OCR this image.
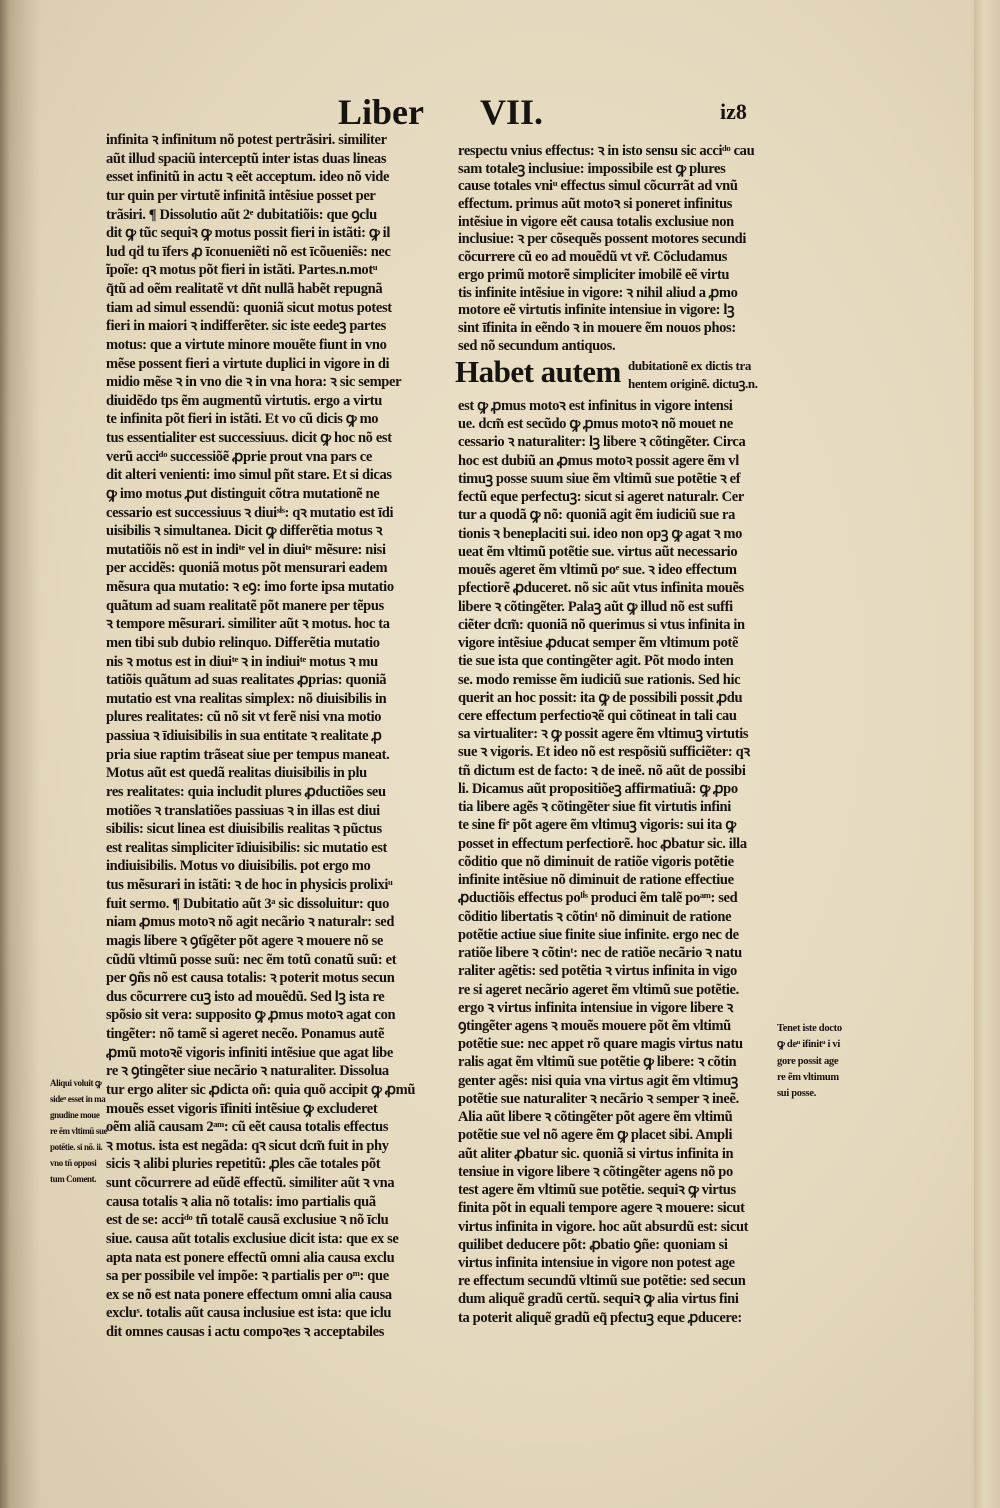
Liber VII.	iz8
infinita ꝛ infinitum nõ potest pertrãsiri. similiter
aũt illud spaciũ interceptũ inter istas duas lineas
esset infinitũ in actu ꝛ eẽt acceptum. ideo nõ vide
tur quin per virtutẽ infinitã intẽsiue posset per
trãsiri. ¶ Dissolutio aũt 2ᵉ dubitatiõis: que ꝯclu
dit ꝙ tũc sequiꝛ ꝙ motus possit fieri in istãti: ꝙ il
lud qḋ tu īfers ꝓ īconueniẽti nõ est īcõueniẽs: nec
ĩpoĩe: qꝛ motus põt fieri in istãti. Partes.n.motᵘ
q̃tũ ad oẽm realitatẽ vt dñt nullã habẽt repugnã
tiam ad simul essendũ: quoniã sicut motus potest
fieri in maiori ꝛ indifferẽter. sic iste eedeꝫ partes
motus: que a virtute minore mouẽte fiunt in vno
mẽse possent fieri a virtute duplici in vigore in di
midio mẽse ꝛ in vno die ꝛ in vna hora: ꝛ sic semper
diuidẽdo tps ẽm augmentũ virtutis. ergo a virtu
te infinita põt fieri in istãti. Et vo cũ dicis ꝙ mo
tus essentialiter est successiuus. dicit ꝙ hoc nõ est
verũ acciᵈᵒ successiõẽ ꝓprie prout vna pars ce
dit alteri venienti: imo simul pñt stare. Et si dicas
ꝙ imo motus ꝓut distinguit cõtra mutationẽ ne
cessario est successiuus ꝛ diuiˢⁱˢ: qꝛ mutatio est īdi
uisibilis ꝛ simultanea. Dicit ꝙ differẽtia motus ꝛ
mutatiõis nõ est in indiᵗᵉ vel in diuiᵗᵉ mẽsure: nisi
per accidẽs: quoniã motus põt mensurari eadem
mẽsura qua mutatio: ꝛ eꝯ: imo forte ipsa mutatio
quãtum ad suam realitatẽ põt manere per tẽpus
ꝛ tempore mẽsurari. similiter aũt ꝛ motus. hoc ta
men tibi sub dubio relinquo. Differẽtia mutatio
nis ꝛ motus est in diuiᵗᵉ ꝛ in indiuiᵗᵉ motus ꝛ mu
tatiõis quãtum ad suas realitates ꝓprias: quoniã
mutatio est vna realitas simplex: nõ diuisibilis in
plures realitates: cũ nõ sit vt ferẽ nisi vna motio
passiua ꝛ īdiuisibilis in sua entitate ꝛ realitate ꝓ
pria siue raptim trãseat siue per tempus maneat.
Motus aũt est quedã realitas diuisibilis in plu
res realitates: quia includit plures ꝓductiões seu
motiões ꝛ translatiões passiuas ꝛ in illas est diui
sibilis: sicut linea est diuisibilis realitas ꝛ pũctus
est realitas simpliciter īdiuisibilis: sic mutatio est
indiuisibilis. Motus vo diuisibilis. pot ergo mo
tus mẽsurari in istãti: ꝛ de hoc in physicis prolixiᵘ
fuit sermo. ¶ Dubitatio aũt 3ᵃ sic dissoluitur: quo
niam ꝓmus motoꝛ nõ agit necãrio ꝛ naturalr: sed
magis libere ꝛ ꝯtĩgẽter põt agere ꝛ mouere nõ se
cũdũ vltimũ posse suũ: nec ẽm totũ conatũ suũ: et
per ꝯñs nõ est causa totalis: ꝛ poterit motus secun
dus cõcurrere cuꝫ isto ad mouẽdũ. Sed lꝫ ista re
spõsio sit vera: supposito ꝙ ꝓmus motoꝛ agat con
tingẽter: nõ tamẽ si ageret necẽo. Ponamus autẽ
ꝓmũ motoꝛẽ vigoris infiniti intẽsiue que agat libe
re ꝛ ꝯtingẽter siue necãrio ꝛ naturaliter. Dissolua
tur ergo aliter sic ꝓdicta oñ: quia quõ accipit ꝙ ꝓmũ
mouẽs esset vigoris īfiniti intẽsiue ꝙ excluderet
oẽm aliã causam 2ᵃᵐ: cũ eẽt causa totalis effectus
ꝛ motus. ista est negãda: qꝛ sicut dcm̃ fuit in phy
sicis ꝛ alibi pluries repetitũ: ꝓles cãe totales põt
sunt cõcurrere ad eũdẽ effectũ. similiter aũt ꝛ vna
causa totalis ꝛ alia nõ totalis: imo partialis quã
est de se: acciᵈᵒ tñ totalẽ causã exclusiue ꝛ nõ īclu
siue. causa aũt totalis exclusiue dicit ista: que ex se
apta nata est ponere effectũ omni alia causa exclu
sa per possibile vel impõe: ꝛ partialis per oᵐ: que
ex se nõ est nata ponere effectum omni alia causa
excluˢ. totalis aũt causa inclusiue est ista: que iclu
dit omnes causas i actu compoꝛes ꝛ acceptabiles
respectu vnius effectus: ꝛ in isto sensu sic acciᵈᵒ cau
sam totaleꝫ inclusiue: impossibile est ꝙ plures
cause totales vniᵘ effectus simul cõcurrãt ad vnũ
effectum. primus aũt motoꝛ si poneret infinitus
intẽsiue in vigore eẽt causa totalis exclusiue non
inclusiue: ꝛ per cõsequẽs possent motores secundi
cõcurrere cũ eo ad mouẽdũ vt vr̃. Cõcludamus
ergo primũ motorẽ simpliciter imobilẽ eẽ virtu
tis infinite intẽsiue in vigore: ꝛ nihil aliud a ꝓmo
motore eẽ virtutis infinite intensiue in vigore: lꝫ
sint īfinita in eẽndo ꝛ in mouere ẽm nouos phos:
sed nõ secundum antiquos.
Habet autem dubitationẽ ex dictis tra
hentem originẽ. dictuꝫ.n.
est ꝙ ꝓmus motoꝛ est infinitus in vigore intensi
ue. dcm̃ est secũdo ꝙ ꝓmus motoꝛ nõ mouet ne
cessario ꝛ naturaliter: lꝫ libere ꝛ cõtingẽter. Circa
hoc est dubiũ an ꝓmus motoꝛ possit agere ẽm vl
timuꝫ posse suum siue ẽm vltimũ sue potẽtie ꝛ ef
fectũ eque perfectuꝫ: sicut si ageret naturalr. Cer
tur a quodã ꝙ nõ: quoniã agit ẽm iudiciũ sue ra
tionis ꝛ beneplaciti sui. ideo non opꝫ ꝙ agat ꝛ mo
ueat ẽm vltimũ potẽtie sue. virtus aũt necessario
mouẽs ageret ẽm vltimũ poᵉ sue. ꝛ ideo effectum
pfectiorẽ ꝓduceret. nõ sic aũt vtus infinita mouẽs
libere ꝛ cõtingẽter. Palaꝫ aũt ꝙ illud nõ est suffi
ciẽter dcm̃: quoniã nõ querimus si vtus infinita in
vigore intẽsiue ꝓducat semper ẽm vltimum potẽ
tie sue ista que contingẽter agit. Põt modo inten
se. modo remisse ẽm iudiciũ sue rationis. Sed hic
querit an hoc possit: ita ꝙ de possibili possit ꝓdu
cere effectum perfectioꝛẽ qui cõtineat in tali cau
sa virtualiter: ꝛ ꝙ possit agere ẽm vltimuꝫ virtutis
sue ꝛ vigoris. Et ideo nõ est respõsiũ sufficiẽter: qꝛ
tñ dictum est de facto: ꝛ de ineẽ. nõ aũt de possibi
li. Dicamus aũt propositiõeꝫ affirmatiuã: ꝙ ꝓpo
tia libere agẽs ꝛ cõtingẽter siue fit virtutis infini
te sine fiᵉ põt agere ẽm vltimuꝫ vigoris: sui ita ꝙ
posset in effectum perfectiorẽ. hoc ꝓbatur sic. illa
cõditio que nõ diminuit de ratiõe vigoris potẽtie
infinite intẽsiue nõ diminuit de ratione effectiue
ꝓductiõis effectus poˡⁱˢ produci ẽm talẽ poᵃᵐ: sed
cõditio libertatis ꝛ cõtinᵗ nõ diminuit de ratione
potẽtie actiue siue finite siue infinite. ergo nec de
ratiõe libere ꝛ cõtinᵗ: nec de ratiõe necãrio ꝛ natu
raliter agẽtis: sed potẽtia ꝛ virtus infinita in vigo
re si ageret necãrio ageret ẽm vltimũ sue potẽtie.
ergo ꝛ virtus infinita intensiue in vigore libere ꝛ
ꝯtingẽter agens ꝛ mouẽs mouere põt ẽm vltimũ
potẽtie sue: nec appet rõ quare magis virtus natu
ralis agat ẽm vltimũ sue potẽtie ꝙ libere: ꝛ cõtin
genter agẽs: nisi quia vna virtus agit ẽm vltimuꝫ
potẽtie sue naturaliter ꝛ necãrio ꝛ semper ꝛ ineẽ.
Alia aũt libere ꝛ cõtingẽter põt agere ẽm vltimũ
potẽtie sue vel nõ agere ẽm ꝙ placet sibi. Ampli
aũt aliter ꝓbatur sic. quoniã si virtus infinita in
tensiue in vigore libere ꝛ cõtingẽter agens nõ po
test agere ẽm vltimũ sue potẽtie. sequiꝛ ꝙ virtus
finita põt in equali tempore agere ꝛ mouere: sicut
virtus infinita in vigore. hoc aũt absurdũ est: sicut
quilibet deducere põt: ꝓbatio ꝯñe: quoniam si
virtus infinita intensiue in vigore non potest age
re effectum secundũ vltimũ sue potẽtie: sed secun
dum aliquẽ gradũ certũ. sequiꝛ ꝙ alia virtus fini
ta poterit aliquẽ gradũ eq̃ pfectuꝫ eque ꝓducere:
Tenet iste docto
ꝙ deᵘ ifinitᵘ i vi
gore possit age
re ẽm vltimum
sui posse.
Aliqui voluit ꝙ
sideᵘ esset in ma
gnudine moue
re ẽm vltimũ sue
potẽtie. si nõ. ii.
vno tñ opposi
tum Coment.
